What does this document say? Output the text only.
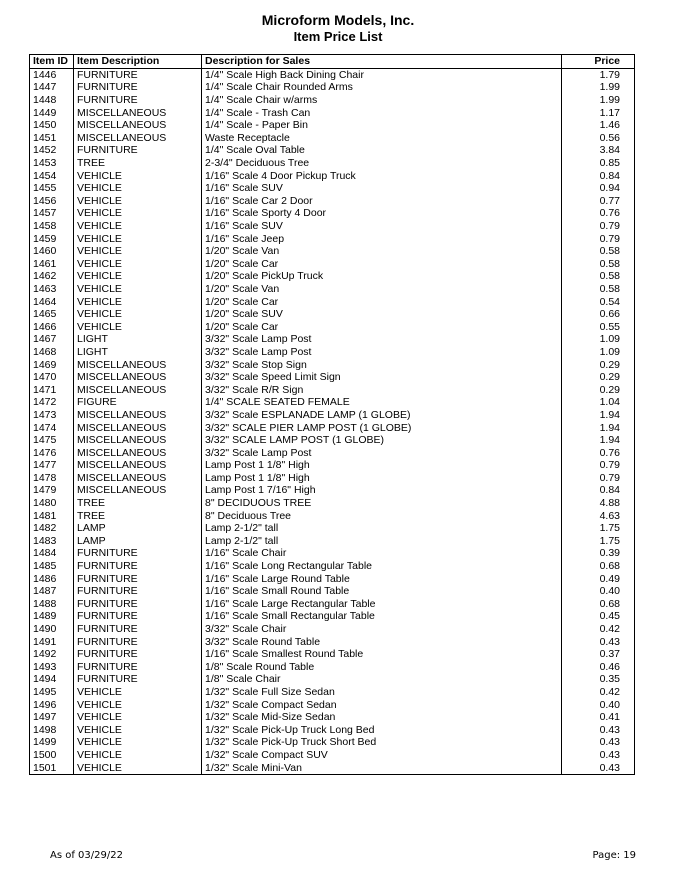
Microform Models, Inc.
Item Price List
Item ID	Item Description	Description for Sales	Price
1446	FURNITURE	1/4" Scale High Back Dining Chair	1.79
1447	FURNITURE	1/4" Scale Chair Rounded Arms	1.99
1448	FURNITURE	1/4" Scale Chair w/arms	1.99
1449	MISCELLANEOUS	1/4" Scale - Trash Can	1.17
1450	MISCELLANEOUS	1/4" Scale - Paper Bin	1.46
1451	MISCELLANEOUS	Waste Receptacle	0.56
1452	FURNITURE	1/4" Scale Oval Table	3.84
1453	TREE	2-3/4" Deciduous Tree	0.85
1454	VEHICLE	1/16" Scale 4 Door Pickup Truck	0.84
1455	VEHICLE	1/16" Scale SUV	0.94
1456	VEHICLE	1/16" Scale Car 2 Door	0.77
1457	VEHICLE	1/16" Scale Sporty 4 Door	0.76
1458	VEHICLE	1/16" Scale SUV	0.79
1459	VEHICLE	1/16" Scale Jeep	0.79
1460	VEHICLE	1/20" Scale Van	0.58
1461	VEHICLE	1/20" Scale Car	0.58
1462	VEHICLE	1/20" Scale PickUp Truck	0.58
1463	VEHICLE	1/20" Scale Van	0.58
1464	VEHICLE	1/20" Scale Car	0.54
1465	VEHICLE	1/20" Scale SUV	0.66
1466	VEHICLE	1/20" Scale Car	0.55
1467	LIGHT	3/32" Scale Lamp Post	1.09
1468	LIGHT	3/32" Scale Lamp Post	1.09
1469	MISCELLANEOUS	3/32" Scale Stop Sign	0.29
1470	MISCELLANEOUS	3/32" Scale Speed Limit Sign	0.29
1471	MISCELLANEOUS	3/32" Scale R/R Sign	0.29
1472	FIGURE	1/4" SCALE SEATED FEMALE	1.04
1473	MISCELLANEOUS	3/32" Scale ESPLANADE LAMP (1 GLOBE)	1.94
1474	MISCELLANEOUS	3/32" SCALE PIER LAMP POST (1 GLOBE)	1.94
1475	MISCELLANEOUS	3/32" SCALE LAMP POST (1 GLOBE)	1.94
1476	MISCELLANEOUS	3/32" Scale Lamp Post	0.76
1477	MISCELLANEOUS	Lamp Post 1 1/8" High	0.79
1478	MISCELLANEOUS	Lamp Post 1 1/8" High	0.79
1479	MISCELLANEOUS	Lamp Post 1 7/16" High	0.84
1480	TREE	8" DECIDUOUS TREE	4.88
1481	TREE	8" Deciduous Tree	4.63
1482	LAMP	Lamp 2-1/2" tall	1.75
1483	LAMP	Lamp 2-1/2" tall	1.75
1484	FURNITURE	1/16" Scale Chair	0.39
1485	FURNITURE	1/16" Scale Long Rectangular Table	0.68
1486	FURNITURE	1/16" Scale Large Round Table	0.49
1487	FURNITURE	1/16" Scale Small Round Table	0.40
1488	FURNITURE	1/16" Scale Large Rectangular Table	0.68
1489	FURNITURE	1/16" Scale Small Rectangular Table	0.45
1490	FURNITURE	3/32" Scale Chair	0.42
1491	FURNITURE	3/32" Scale Round Table	0.43
1492	FURNITURE	1/16" Scale Smallest Round Table	0.37
1493	FURNITURE	1/8" Scale Round Table	0.46
1494	FURNITURE	1/8" Scale Chair	0.35
1495	VEHICLE	1/32" Scale Full Size Sedan	0.42
1496	VEHICLE	1/32" Scale Compact Sedan	0.40
1497	VEHICLE	1/32" Scale Mid-Size Sedan	0.41
1498	VEHICLE	1/32" Scale Pick-Up Truck Long Bed	0.43
1499	VEHICLE	1/32" Scale Pick-Up Truck Short Bed	0.43
1500	VEHICLE	1/32" Scale Compact SUV	0.43
1501	VEHICLE	1/32" Scale Mini-Van	0.43
As of 03/29/22	Page: 19
